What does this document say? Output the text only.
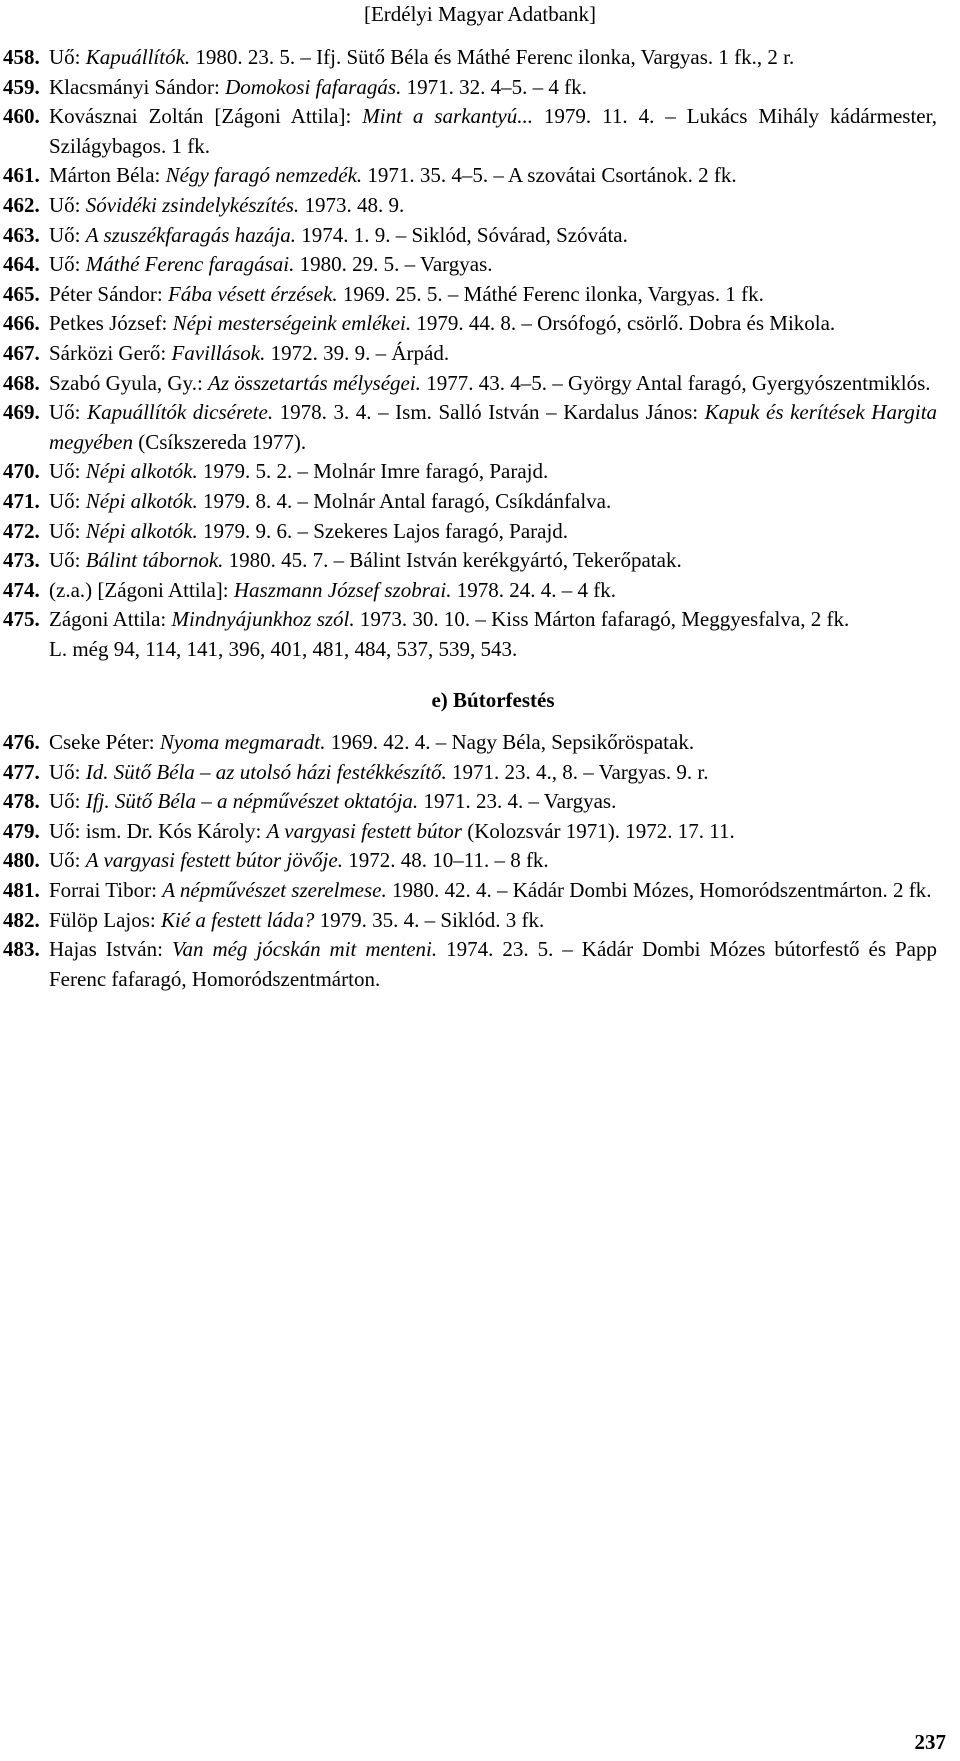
[Erdélyi Magyar Adatbank]
458. Uő: Kapuállítók. 1980. 23. 5. – Ifj. Sütő Béla és Máthé Ferenc ilonka, Vargyas. 1 fk., 2 r.
459. Klacsmányi Sándor: Domokosi fafaragás. 1971. 32. 4–5. – 4 fk.
460. Kovásznai Zoltán [Zágoni Attila]: Mint a sarkantyú... 1979. 11. 4. – Lukács Mihály kádármester, Szilágybagos. 1 fk.
461. Márton Béla: Négy faragó nemzedék. 1971. 35. 4–5. – A szovátai Csortánok. 2 fk.
462. Uő: Sóvidéki zsindelykészítés. 1973. 48. 9.
463. Uő: A szuszékfaragás hazája. 1974. 1. 9. – Siklód, Sóvárad, Szóváta.
464. Uő: Máthé Ferenc faragásai. 1980. 29. 5. – Vargyas.
465. Péter Sándor: Fába vésett érzések. 1969. 25. 5. – Máthé Ferenc ilonka, Vargyas. 1 fk.
466. Petkes József: Népi mesterségeink emlékei. 1979. 44. 8. – Orsófogó, csörlő. Dobra és Mikola.
467. Sárközi Gerő: Favillások. 1972. 39. 9. – Árpád.
468. Szabó Gyula, Gy.: Az összetartás mélységei. 1977. 43. 4–5. – György Antal faragó, Gyergyószentmiklós.
469. Uő: Kapuállítók dicsérete. 1978. 3. 4. – Ism. Salló István – Kardalus János: Kapuk és kerítések Hargita megyében (Csíkszereda 1977).
470. Uő: Népi alkotók. 1979. 5. 2. – Molnár Imre faragó, Parajd.
471. Uő: Népi alkotók. 1979. 8. 4. – Molnár Antal faragó, Csíkdánfalva.
472. Uő: Népi alkotók. 1979. 9. 6. – Szekeres Lajos faragó, Parajd.
473. Uő: Bálint tábornok. 1980. 45. 7. – Bálint István kerékgyártó, Tekerőpatak.
474. (z.a.) [Zágoni Attila]: Haszmann József szobrai. 1978. 24. 4. – 4 fk.
475. Zágoni Attila: Mindnyájunkhoz szól. 1973. 30. 10. – Kiss Márton fafaragó, Meggyesfalva, 2 fk.
L. még 94, 114, 141, 396, 401, 481, 484, 537, 539, 543.
e) Bútorfestés
476. Cseke Péter: Nyoma megmaradt. 1969. 42. 4. – Nagy Béla, Sepsikőröspatak.
477. Uő: Id. Sütő Béla – az utolsó házi festékkészítő. 1971. 23. 4., 8. – Vargyas. 9. r.
478. Uő: Ifj. Sütő Béla – a népművészet oktatója. 1971. 23. 4. – Vargyas.
479. Uő: ism. Dr. Kós Károly: A vargyasi festett bútor (Kolozsvár 1971). 1972. 17. 11.
480. Uő: A vargyasi festett bútor jövője. 1972. 48. 10–11. – 8 fk.
481. Forrai Tibor: A népművészet szerelmese. 1980. 42. 4. – Kádár Dombi Mózes, Homoródszentmárton. 2 fk.
482. Fülöp Lajos: Kié a festett láda? 1979. 35. 4. – Siklód. 3 fk.
483. Hajas István: Van még jócskán mit menteni. 1974. 23. 5. – Kádár Dombi Mózes bútorfestő és Papp Ferenc fafaragó, Homoródszentmárton.
237
